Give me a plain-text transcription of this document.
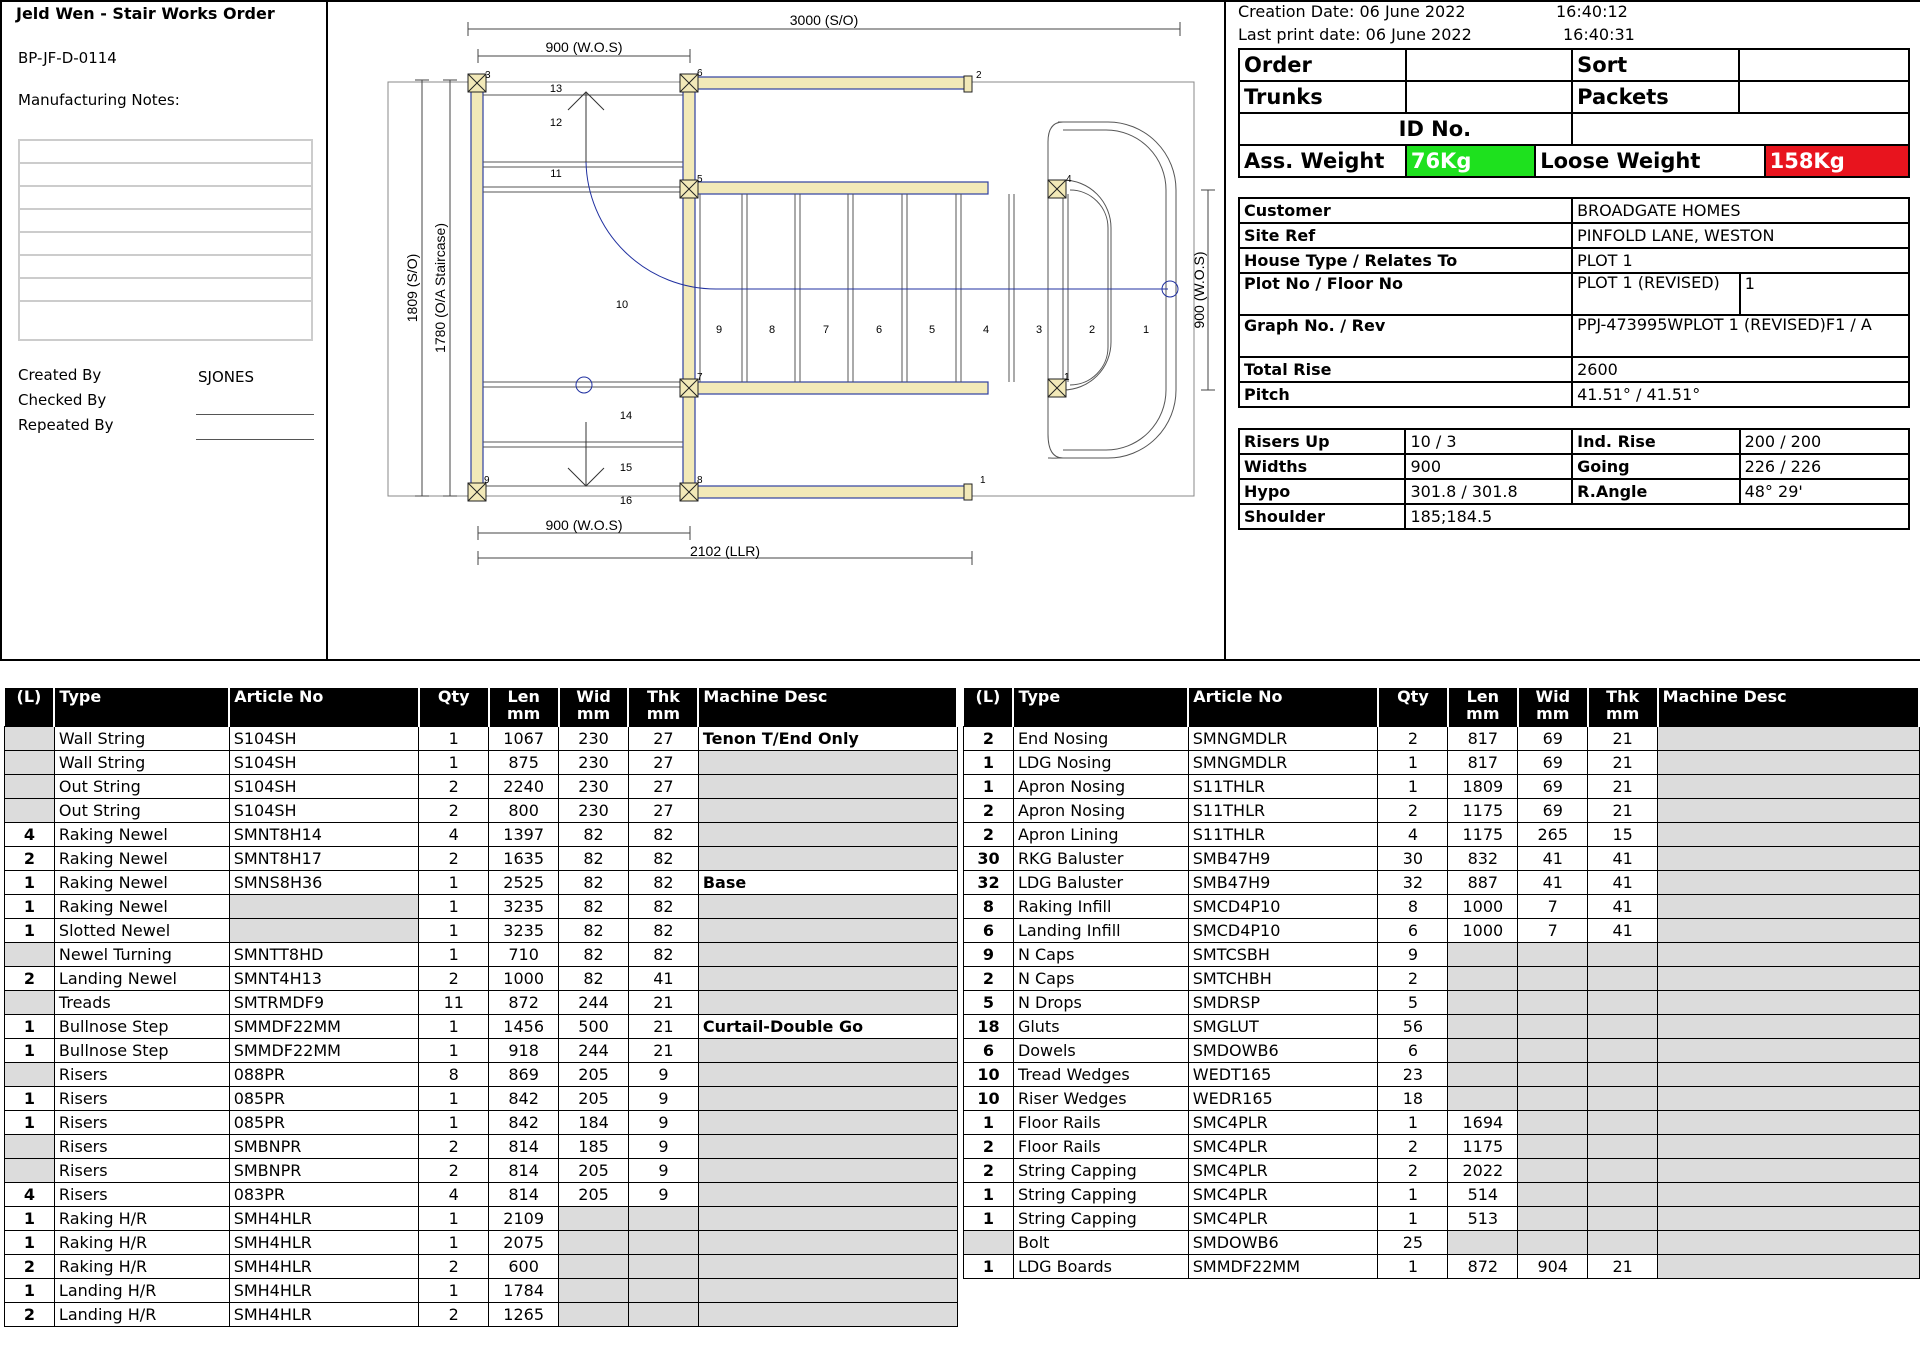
Jeld Wen - Stair Works Order
BP-JF-D-0114
Manufacturing Notes:
Created By	SJONES
Checked By
Repeated By
3000 (S/O)
900 (W.O.S)
900 (W.O.S)
2102 (LLR)
1809 (S/O) 1780 (O/A Staircase)	900 (W.O.S)
1
2
3
4
5
6
7
8
9
10
11
12
13
14
15
16
1
1
2
4
5
6
7
8
9
3
Creation Date: 06 June 2022	16:40:12
Last print date: 06 June 2022	16:40:31
Order		Sort	
Trunks		Packets	
ID No.			
Ass. Weight	76Kg	Loose Weight	158Kg
Customer	BROADGATE HOMES	
Site Ref	PINFOLD LANE, WESTON	
House Type / Relates To	PLOT 1	
Plot No / Floor No	PLOT 1 (REVISED)	1
Graph No. / Rev	PPJ-473995WPLOT 1 (REVISED)F1 / A	
Total Rise	2600	
Pitch	41.51° / 41.51°	
Risers Up	10 / 3	Ind. Rise	200 / 200
Widths	900	Going	226 / 226
Hypo	301.8 / 301.8	R.Angle	48° 29'
Shoulder	185;184.5		
(L)	Type	Article No	Qty	Len mm	Wid mm	Thk mm	Machine Desc
	Wall String	S104SH	1	1067	230	27	Tenon T/End Only
	Wall String	S104SH	1	875	230	27	
	Out String	S104SH	2	2240	230	27	
	Out String	S104SH	2	800	230	27	
4	Raking Newel	SMNT8H14	4	1397	82	82	
2	Raking Newel	SMNT8H17	2	1635	82	82	
1	Raking Newel	SMNS8H36	1	2525	82	82	Base
1	Raking Newel		1	3235	82	82	
1	Slotted Newel		1	3235	82	82	
	Newel Turning	SMNTT8HD	1	710	82	82	
2	Landing Newel	SMNT4H13	2	1000	82	41	
	Treads	SMTRMDF9	11	872	244	21	
1	Bullnose Step	SMMDF22MM	1	1456	500	21	Curtail-Double Go
1	Bullnose Step	SMMDF22MM	1	918	244	21	
	Risers	088PR	8	869	205	9	
1	Risers	085PR	1	842	205	9	
1	Risers	085PR	1	842	184	9	
	Risers	SMBNPR	2	814	185	9	
	Risers	SMBNPR	2	814	205	9	
4	Risers	083PR	4	814	205	9	
1	Raking H/R	SMH4HLR	1	2109			
1	Raking H/R	SMH4HLR	1	2075			
2	Raking H/R	SMH4HLR	2	600			
1	Landing H/R	SMH4HLR	1	1784			
2	Landing H/R	SMH4HLR	2	1265			
(L)	Type	Article No	Qty	Len mm	Wid mm	Thk mm	Machine Desc
2	End Nosing	SMNGMDLR	2	817	69	21	
1	LDG Nosing	SMNGMDLR	1	817	69	21	
1	Apron Nosing	S11THLR	1	1809	69	21	
2	Apron Nosing	S11THLR	2	1175	69	21	
2	Apron Lining	S11THLR	4	1175	265	15	
30	RKG Baluster	SMB47H9	30	832	41	41	
32	LDG Baluster	SMB47H9	32	887	41	41	
8	Raking Infill	SMCD4P10	8	1000	7	41	
6	Landing Infill	SMCD4P10	6	1000	7	41	
9	N Caps	SMTCSBH	9				
2	N Caps	SMTCHBH	2				
5	N Drops	SMDRSP	5				
18	Gluts	SMGLUT	56				
6	Dowels	SMDOWB6	6				
10	Tread Wedges	WEDT165	23				
10	Riser Wedges	WEDR165	18				
1	Floor Rails	SMC4PLR	1	1694			
2	Floor Rails	SMC4PLR	2	1175			
2	String Capping	SMC4PLR	2	2022			
1	String Capping	SMC4PLR	1	514			
1	String Capping	SMC4PLR	1	513			
	Bolt	SMDOWB6	25				
1	LDG Boards	SMMDF22MM	1	872	904	21	
